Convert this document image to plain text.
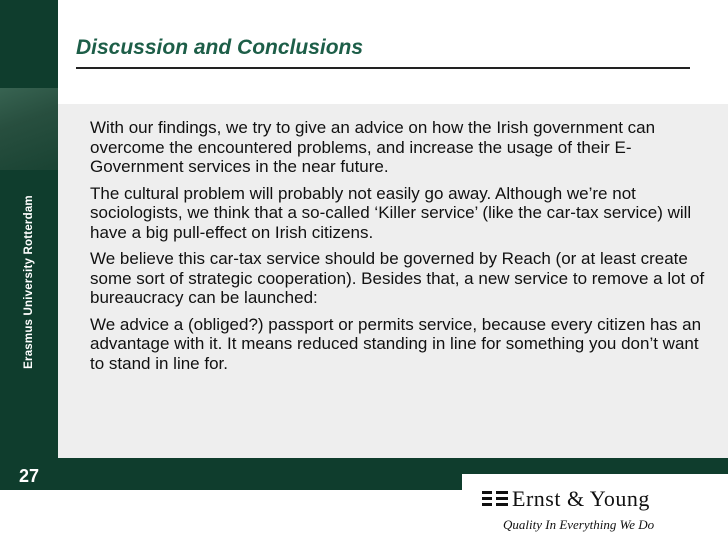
Erasmus University Rotterdam
Discussion and Conclusions

With our findings, we try to give an advice on how the Irish government can overcome the encountered problems, and increase the usage of their E-Government services in the near future.

The cultural problem will probably not easily go away. Although we’re not sociologists, we think that a so-called ‘Killer service’ (like the car-tax service) will have a big pull-effect on Irish citizens.

We believe this car-tax service should be governed by Reach (or at least create some sort of strategic cooperation). Besides that, a new service to remove a lot of bureaucracy can be launched:

We advice a (obliged?) passport or permits service, because every citizen has an advantage with it. It means reduced standing in line for something you don’t want to stand in line for.

27
Ernst & Young
Quality In Everything We Do
